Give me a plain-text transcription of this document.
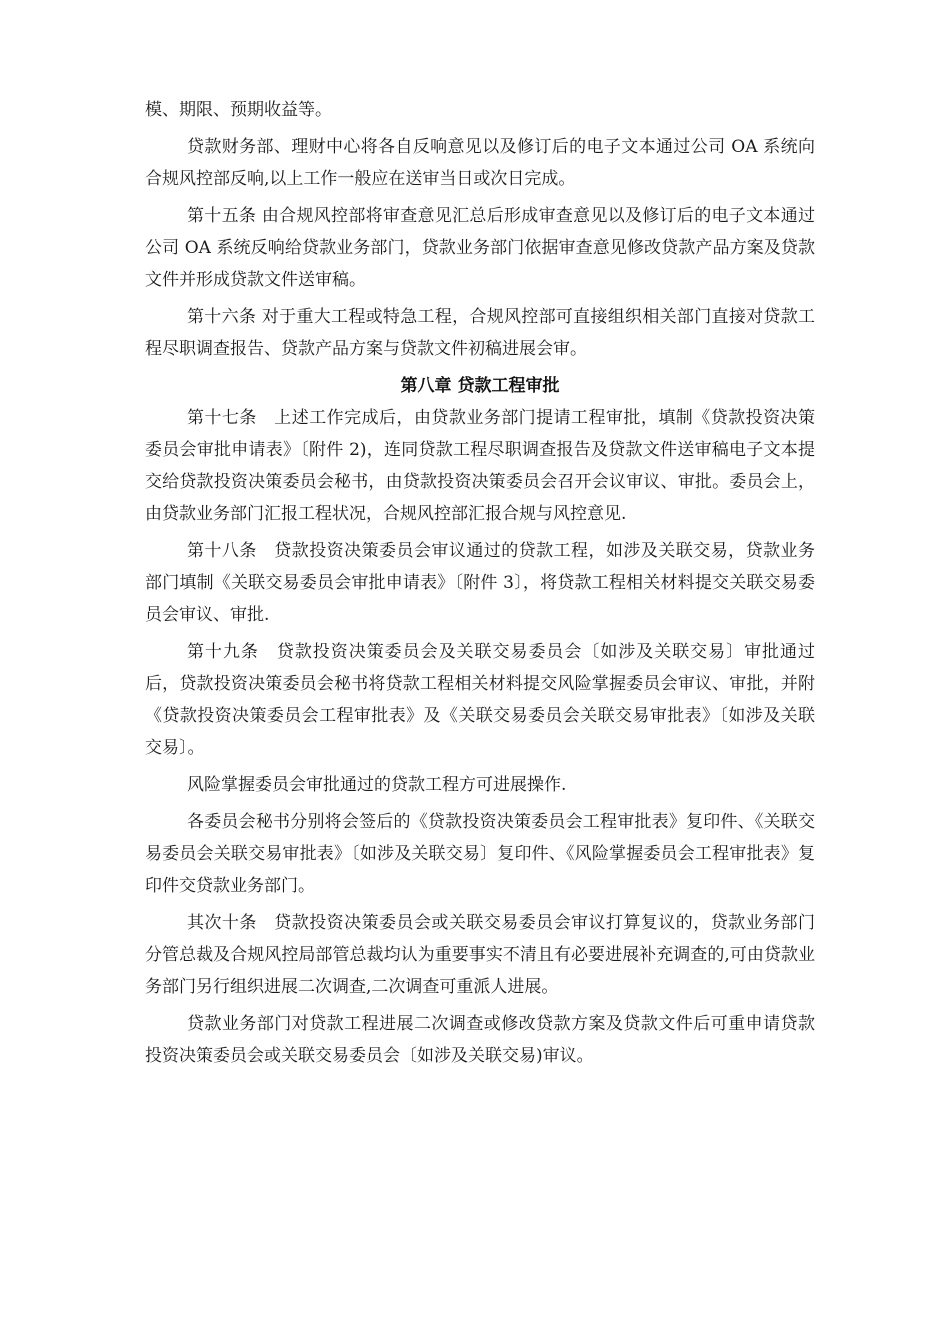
模、期限、预期收益等。

贷款财务部、理财中心将各自反响意见以及修订后的电子文本通过公司 OA 系统向合规风控部反响,以上工作一般应在送审当日或次日完成。

第十五条 由合规风控部将审查意见汇总后形成审查意见以及修订后的电子文本通过公司 OA 系统反响给贷款业务部门，贷款业务部门依据审查意见修改贷款产品方案及贷款文件并形成贷款文件送审稿。

第十六条 对于重大工程或特急工程，合规风控部可直接组织相关部门直接对贷款工程尽职调查报告、贷款产品方案与贷款文件初稿进展会审。

第八章 贷款工程审批

第十七条　上述工作完成后，由贷款业务部门提请工程审批，填制《贷款投资决策委员会审批申请表》〔附件 2)，连同贷款工程尽职调查报告及贷款文件送审稿电子文本提交给贷款投资决策委员会秘书，由贷款投资决策委员会召开会议审议、审批。委员会上，由贷款业务部门汇报工程状况，合规风控部汇报合规与风控意见.

第十八条　贷款投资决策委员会审议通过的贷款工程，如涉及关联交易，贷款业务部门填制《关联交易委员会审批申请表》〔附件 3〕，将贷款工程相关材料提交关联交易委员会审议、审批.

第十九条　贷款投资决策委员会及关联交易委员会〔如涉及关联交易〕审批通过后，贷款投资决策委员会秘书将贷款工程相关材料提交风险掌握委员会审议、审批，并附《贷款投资决策委员会工程审批表》及《关联交易委员会关联交易审批表》〔如涉及关联交易〕。

风险掌握委员会审批通过的贷款工程方可进展操作.

各委员会秘书分别将会签后的《贷款投资决策委员会工程审批表》复印件、《关联交易委员会关联交易审批表》〔如涉及关联交易〕复印件、《风险掌握委员会工程审批表》复印件交贷款业务部门。

其次十条　贷款投资决策委员会或关联交易委员会审议打算复议的，贷款业务部门分管总裁及合规风控局部管总裁均认为重要事实不清且有必要进展补充调查的,可由贷款业务部门另行组织进展二次调查,二次调查可重派人进展。

贷款业务部门对贷款工程进展二次调查或修改贷款方案及贷款文件后可重申请贷款投资决策委员会或关联交易委员会〔如涉及关联交易)审议。
